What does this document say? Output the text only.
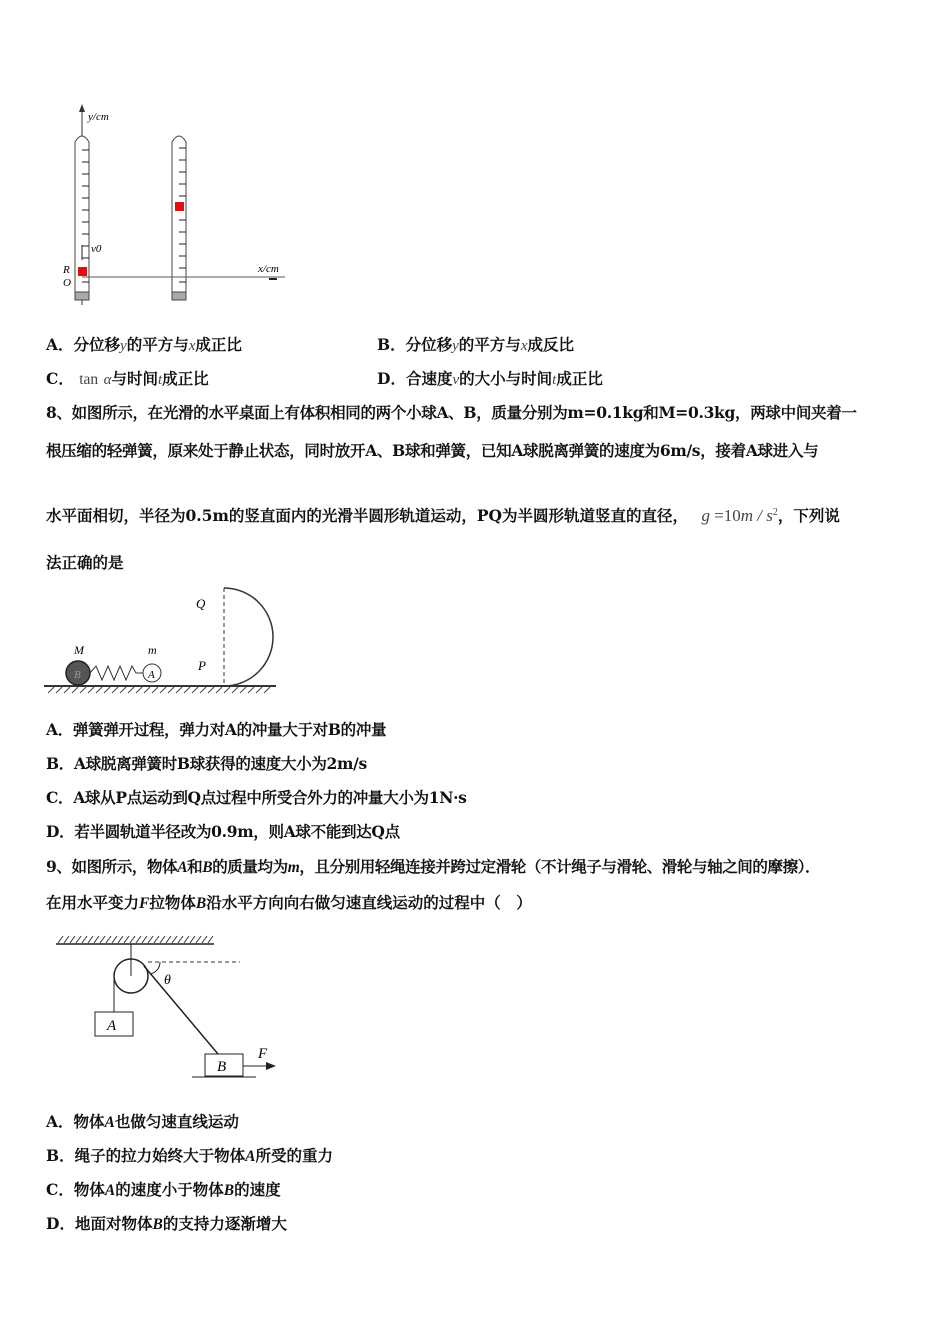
y/cm
v0
R
O
x/cm
A．分位移y的平方与x成正比	B．分位移y的平方与x成反比
C． tan α与时间t成正比	D．合速度v的大小与时间t成正比
8、如图所示，在光滑的水平桌面上有体积相同的两个小球A、B，质量分别为m=0.1kg和M=0.3kg，两球中间夹着一
根压缩的轻弹簧，原来处于静止状态，同时放开A、B球和弹簧，已知A球脱离弹簧的速度为6m/s，接着A球进入与
水平面相切，半径为0.5m的竖直面内的光滑半圆形轨道运动，PQ为半圆形轨道竖直的直径， $g =10m / s^2$，下列说
法正确的是
B	A
M	m
Q
P
A．弹簧弹开过程，弹力对A的冲量大于对B的冲量
B．A球脱离弹簧时B球获得的速度大小为2m/s
C．A球从P点运动到Q点过程中所受合外力的冲量大小为1N·s
D．若半圆轨道半径改为0.9m，则A球不能到达Q点
9、如图所示，物体A和B的质量均为m，且分别用轻绳连接并跨过定滑轮（不计绳子与滑轮、滑轮与轴之间的摩擦）．
在用水平变力F拉物体B沿水平方向向右做匀速直线运动的过程中（　）
θ
A
B
F
A．物体A也做匀速直线运动
B．绳子的拉力始终大于物体A所受的重力
C．物体A的速度小于物体B的速度
D．地面对物体B的支持力逐渐增大
